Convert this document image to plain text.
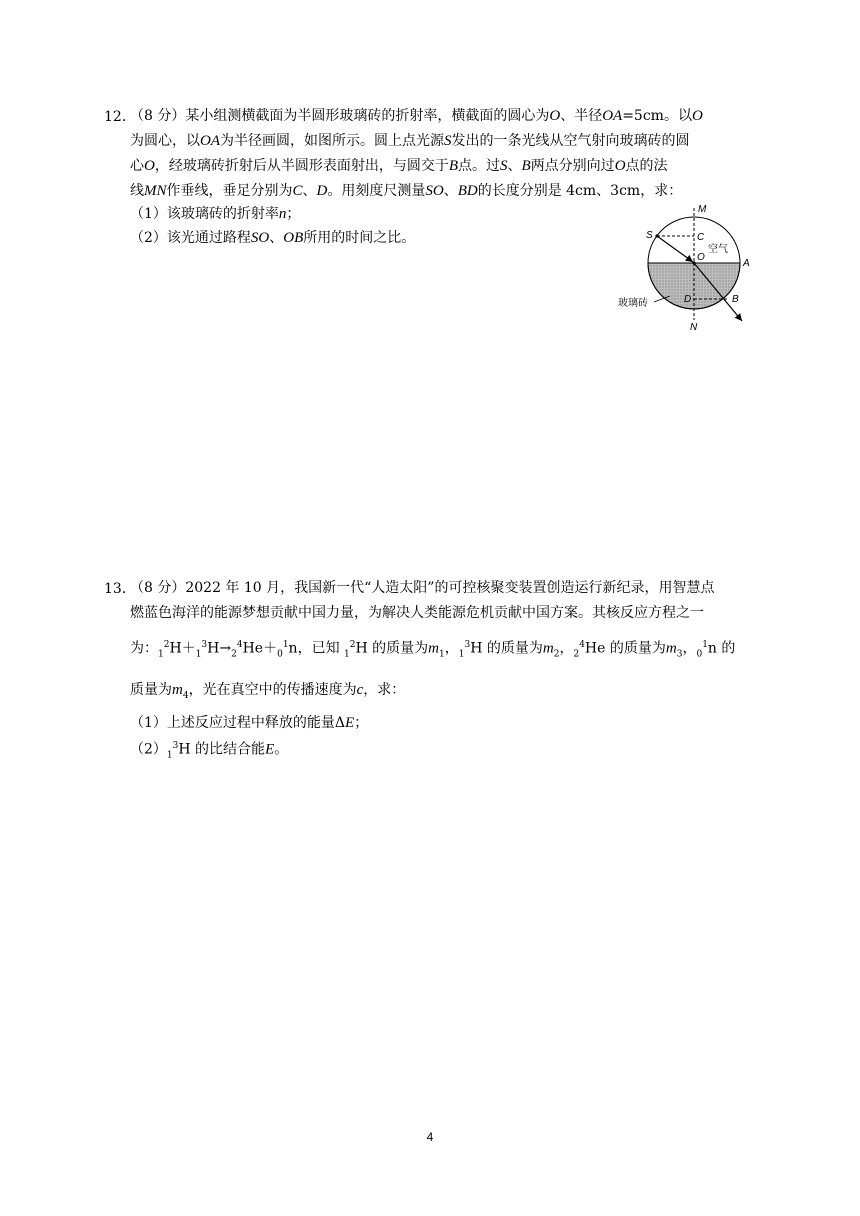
12．
（8 分）某小组测横截面为半圆形玻璃砖的折射率，横截面的圆心为O、半径OA=5cm。以O
为圆心，以OA为半径画圆，如图所示。圆上点光源S发出的一条光线从空气射向玻璃砖的圆
心O，经玻璃砖折射后从半圆形表面射出，与圆交于B点。过S、B两点分别向过O点的法
线MN作垂线，垂足分别为C、D。用刻度尺测量SO、BD的长度分别是 4cm、3cm，求：
（1）该玻璃砖的折射率n；
（2）该光通过路程SO、OB所用的时间之比。
M
S	C
空气
O
A
D	B
N
玻璃砖
13．
（8 分）2022 年 10 月，我国新一代“人造太阳”的可控核聚变装置创造运行新纪录，用智慧点
燃蓝色海洋的能源梦想贡献中国力量，为解决人类能源危机贡献中国方案。其核反应方程之一
为：$_1^2H+_1^3H\to_2^4He+_0^1n$，已知 $_1^2$H 的质量为$m_1$，$_1^3$H 的质量为$m_2$，$_2^4$He 的质量为$m_3$，$_0^1$n 的
质量为$m_4$，光在真空中的传播速度为c，求：
（1）上述反应过程中释放的能量ΔE；
$(2)_1^3H$ 的比结合能E。
4
